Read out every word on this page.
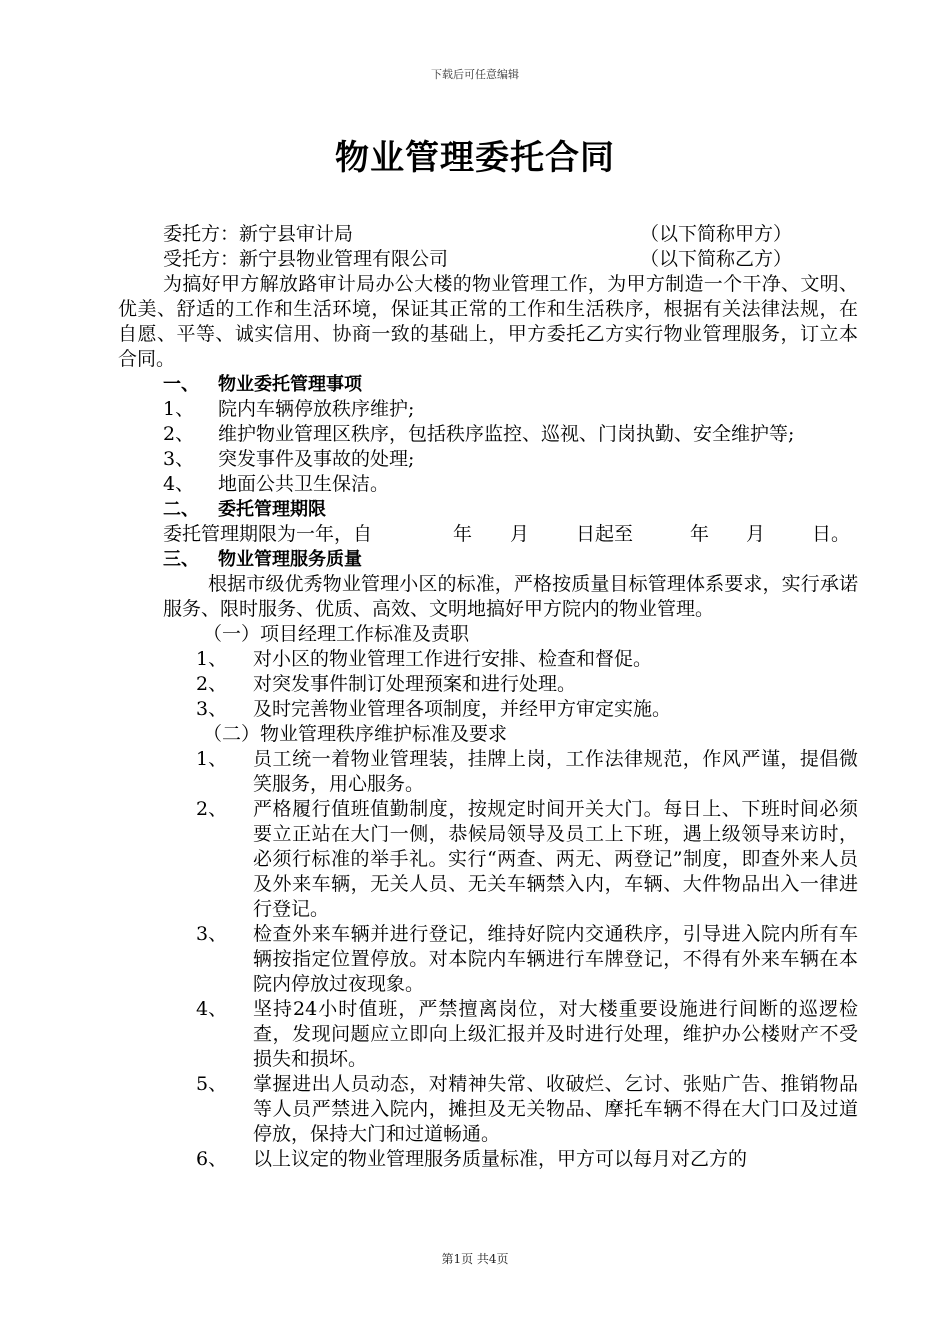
下载后可任意编辑
物业管理委托合同
委托方：新宁县审计局	（以下简称甲方）
受托方：新宁县物业管理有限公司	（以下简称乙方）
为搞好甲方解放路审计局办公大楼的物业管理工作，为甲方制造一个干净、文明、优美、舒适的工作和生活环境，保证其正常的工作和生活秩序，根据有关法律法规，在自愿、平等、诚实信用、协商一致的基础上，甲方委托乙方实行物业管理服务，订立本合同。
一、 物业委托管理事项
1、 院内车辆停放秩序维护;
2、 维护物业管理区秩序，包括秩序监控、巡视、门岗执勤、安全维护等;
3、 突发事件及事故的处理;
4、 地面公共卫生保洁。
二、 委托管理期限
委托管理期限为一年，自	年 月 日起至	年 月 日。
三、 物业管理服务质量
根据市级优秀物业管理小区的标准，严格按质量目标管理体系要求，实行承诺服务、限时服务、优质、高效、文明地搞好甲方院内的物业管理。
（一）项目经理工作标准及责职
1、 对小区的物业管理工作进行安排、检查和督促。
2、 对突发事件制订处理预案和进行处理。
3、 及时完善物业管理各项制度，并经甲方审定实施。
（二）物业管理秩序维护标准及要求
1、 员工统一着物业管理装，挂牌上岗，工作法律规范，作风严谨，提倡微笑服务，用心服务。
2、 严格履行值班值勤制度，按规定时间开关大门。每日上、下班时间必须要立正站在大门一侧，恭候局领导及员工上下班，遇上级领导来访时，必须行标准的举手礼。实行“两查、两无、两登记”制度，即查外来人员及外来车辆，无关人员、无关车辆禁入内，车辆、大件物品出入一律进行登记。
3、 检查外来车辆并进行登记，维持好院内交通秩序，引导进入院内所有车辆按指定位置停放。对本院内车辆进行车牌登记，不得有外来车辆在本院内停放过夜现象。
4、 坚持24小时值班，严禁擅离岗位，对大楼重要设施进行间断的巡逻检查，发现问题应立即向上级汇报并及时进行处理，维护办公楼财产不受损失和损坏。
5、 掌握进出人员动态，对精神失常、收破烂、乞讨、张贴广告、推销物品等人员严禁进入院内，摊担及无关物品、摩托车辆不得在大门口及过道停放，保持大门和过道畅通。
6、 以上议定的物业管理服务质量标准，甲方可以每月对乙方的
第1页 共4页
